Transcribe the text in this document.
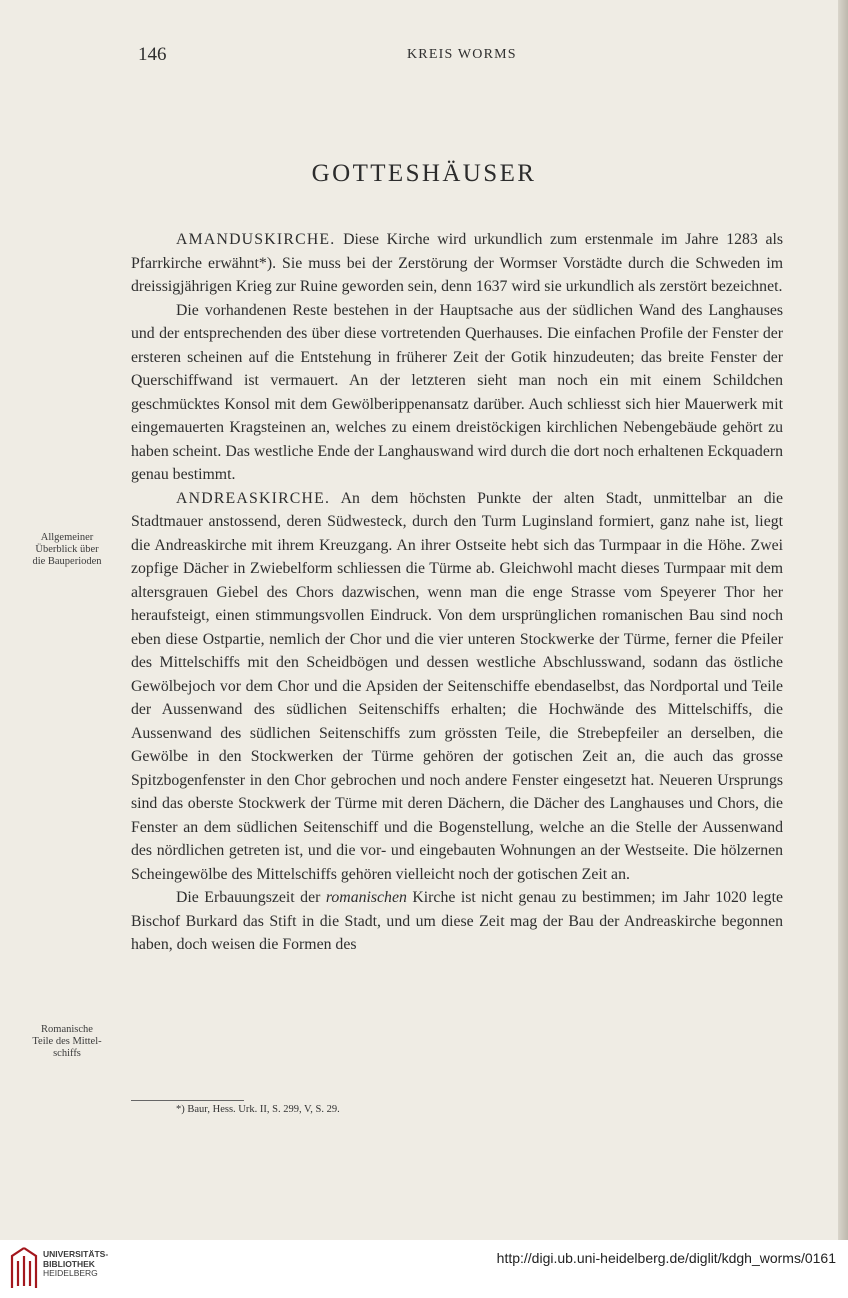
146	KREIS WORMS
GOTTESHÄUSER

AMANDUSKIRCHE. Diese Kirche wird urkundlich zum erstenmale im Jahre 1283 als Pfarrkirche erwähnt*). Sie muss bei der Zerstörung der Wormser Vorstädte durch die Schweden im dreissigjährigen Krieg zur Ruine geworden sein, denn 1637 wird sie urkundlich als zerstört bezeichnet.

Die vorhandenen Reste bestehen in der Hauptsache aus der südlichen Wand des Langhauses und der entsprechenden des über diese vortretenden Querhauses. Die einfachen Profile der Fenster der ersteren scheinen auf die Entstehung in früherer Zeit der Gotik hinzudeuten; das breite Fenster der Querschiffwand ist vermauert. An der letzteren sieht man noch ein mit einem Schildchen geschmücktes Konsol mit dem Gewölberippenansatz darüber. Auch schliesst sich hier Mauerwerk mit eingemauerten Kragsteinen an, welches zu einem dreistöckigen kirchlichen Nebengebäude gehört zu haben scheint. Das westliche Ende der Langhauswand wird durch die dort noch erhaltenen Eckquadern genau bestimmt.

ANDREASKIRCHE. An dem höchsten Punkte der alten Stadt, unmittelbar an die Stadtmauer anstossend, deren Südwesteck, durch den Turm Luginsland formiert, ganz nahe ist, liegt die Andreaskirche mit ihrem Kreuzgang. An ihrer Ostseite hebt sich das Turmpaar in die Höhe. Zwei zopfige Dächer in Zwiebelform schliessen die Türme ab. Gleichwohl macht dieses Turmpaar mit dem altersgrauen Giebel des Chors dazwischen, wenn man die enge Strasse vom Speyerer Thor her heraufsteigt, einen stimmungsvollen Eindruck. Von dem ursprünglichen romanischen Bau sind noch eben diese Ostpartie, nemlich der Chor und die vier unteren Stockwerke der Türme, ferner die Pfeiler des Mittelschiffs mit den Scheidbögen und dessen westliche Abschlusswand, sodann das östliche Gewölbejoch vor dem Chor und die Apsiden der Seitenschiffe ebendaselbst, das Nordportal und Teile der Aussenwand des südlichen Seitenschiffs erhalten; die Hochwände des Mittelschiffs, die Aussenwand des südlichen Seitenschiffs zum grössten Teile, die Strebepfeiler an derselben, die Gewölbe in den Stockwerken der Türme gehören der gotischen Zeit an, die auch das grosse Spitzbogenfenster in den Chor gebrochen und noch andere Fenster eingesetzt hat. Neueren Ursprungs sind das oberste Stockwerk der Türme mit deren Dächern, die Dächer des Langhauses und Chors, die Fenster an dem südlichen Seitenschiff und die Bogenstellung, welche an die Stelle der Aussenwand des nördlichen getreten ist, und die vor- und eingebauten Wohnungen an der Westseite. Die hölzernen Scheingewölbe des Mittelschiffs gehören vielleicht noch der gotischen Zeit an.

Die Erbauungszeit der romanischen Kirche ist nicht genau zu bestimmen; im Jahr 1020 legte Bischof Burkard das Stift in die Stadt, und um diese Zeit mag der Bau der Andreaskirche begonnen haben, doch weisen die Formen des

Allgemeiner
Überblick über
die Bauperioden
Romanische
Teile des Mittel-
schiffs
*) Baur, Hess. Urk. II, S. 299, V, S. 29.
UNIVERSITÄTS-
BIBLIOTHEK
HEIDELBERG
http://digi.ub.uni-heidelberg.de/diglit/kdgh_worms/0161
